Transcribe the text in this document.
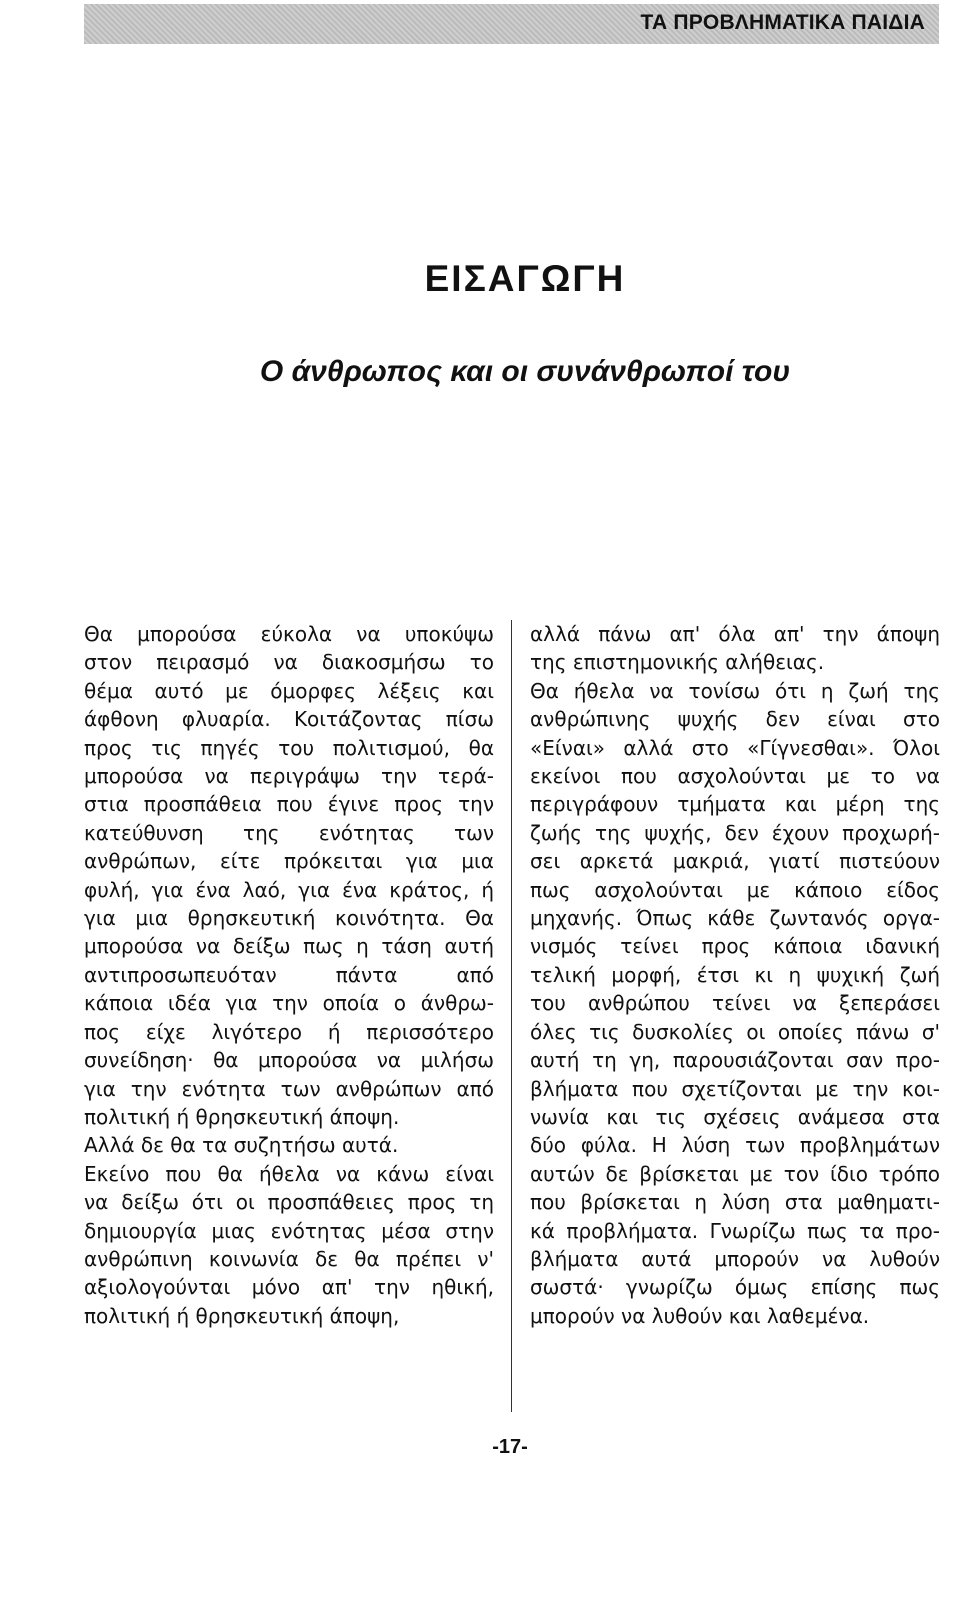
ΤΑ ΠΡΟΒΛΗΜΑΤΙΚΑ ΠΑΙΔΙΑ

ΕΙΣΑΓΩΓΗ
Ο άνθρωπος και οι συνάνθρωποί του
Θα μπορούσα εύκολα να υποκύψω
στον πειρασμό να διακοσμήσω το
θέμα αυτό με όμορφες λέξεις και
άφθονη φλυαρία. Κοιτάζοντας πίσω
προς τις πηγές του πολιτισμού, θα
μπορούσα να περιγράψω την τερά-
στια προσπάθεια που έγινε προς την
κατεύθυνση της ενότητας των
ανθρώπων, είτε πρόκειται για μια
φυλή, για ένα λαό, για ένα κράτος, ή
για μια θρησκευτική κοινότητα. Θα
μπορούσα να δείξω πως η τάση αυτή
αντιπροσωπευόταν πάντα από
κάποια ιδέα για την οποία ο άνθρω-
πος είχε λιγότερο ή περισσότερο
συνείδηση· θα μπορούσα να μιλήσω
για την ενότητα των ανθρώπων από
πολιτική ή θρησκευτική άποψη.
Αλλά δε θα τα συζητήσω αυτά.
Εκείνο που θα ήθελα να κάνω είναι
να δείξω ότι οι προσπάθειες προς τη
δημιουργία μιας ενότητας μέσα στην
ανθρώπινη κοινωνία δε θα πρέπει ν'
αξιολογούνται μόνο απ' την ηθική,
πολιτική ή θρησκευτική άποψη,
αλλά πάνω απ' όλα απ' την άποψη
της επιστημονικής αλήθειας.
Θα ήθελα να τονίσω ότι η ζωή της
ανθρώπινης ψυχής δεν είναι στο
«Είναι» αλλά στο «Γίγνεσθαι». Όλοι
εκείνοι που ασχολούνται με το να
περιγράφουν τμήματα και μέρη της
ζωής της ψυχής, δεν έχουν προχωρή-
σει αρκετά μακριά, γιατί πιστεύουν
πως ασχολούνται με κάποιο είδος
μηχανής. Όπως κάθε ζωντανός οργα-
νισμός τείνει προς κάποια ιδανική
τελική μορφή, έτσι κι η ψυχική ζωή
του ανθρώπου τείνει να ξεπεράσει
όλες τις δυσκολίες οι οποίες πάνω σ'
αυτή τη γη, παρουσιάζονται σαν προ-
βλήματα που σχετίζονται με την κοι-
νωνία και τις σχέσεις ανάμεσα στα
δύο φύλα. Η λύση των προβλημάτων
αυτών δε βρίσκεται με τον ίδιο τρόπο
που βρίσκεται η λύση στα μαθηματι-
κά προβλήματα. Γνωρίζω πως τα προ-
βλήματα αυτά μπορούν να λυθούν
σωστά· γνωρίζω όμως επίσης πως
μπορούν να λυθούν και λαθεμένα.

-17-
